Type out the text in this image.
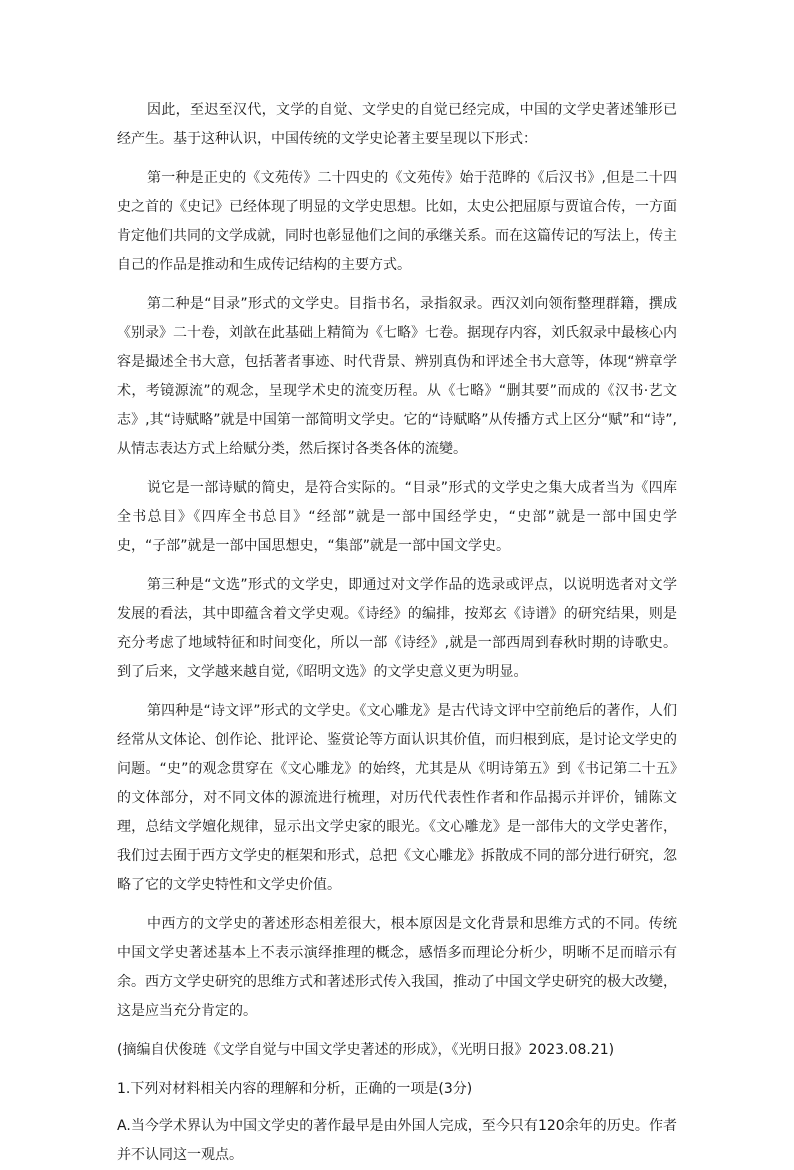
因此，至迟至汉代，文学的自觉、文学史的自觉已经完成，中国的文学史著述雏形已经产生。基于这种认识，中国传统的文学史论著主要呈现以下形式：

第一种是正史的《文苑传》二十四史的《文苑传》始于范晔的《后汉书》,但是二十四史之首的《史记》已经体现了明显的文学史思想。比如，太史公把屈原与贾谊合传，一方面肯定他们共同的文学成就，同时也彰显他们之间的承继关系。而在这篇传记的写法上，传主自己的作品是推动和生成传记结构的主要方式。

第二种是“目录”形式的文学史。目指书名，录指叙录。西汉刘向领衔整理群籍，撰成《别录》二十卷，刘歆在此基础上精简为《七略》七卷。据现存内容，刘氏叙录中最核心内容是撮述全书大意，包括著者事迹、时代背景、辨别真伪和评述全书大意等，体现“辨章学术，考镜源流”的观念，呈现学术史的流变历程。从《七略》“删其要”而成的《汉书·艺文志》,其“诗赋略”就是中国第一部简明文学史。它的“诗赋略”从传播方式上区分“赋”和“诗”,从情志表达方式上给赋分类，然后探讨各类各体的流變。

说它是一部诗赋的简史，是符合实际的。“目录”形式的文学史之集大成者当为《四库全书总目》《四库全书总目》“经部”就是一部中国经学史，“史部”就是一部中国史学史，“子部”就是一部中国思想史，“集部”就是一部中国文学史。

第三种是“文选”形式的文学史，即通过对文学作品的选录或评点，以说明选者对文学发展的看法，其中即蕴含着文学史观。《诗经》的编排，按郑玄《诗谱》的研究结果，则是充分考虑了地域特征和时间变化，所以一部《诗经》,就是一部西周到春秋时期的诗歌史。到了后来，文学越来越自觉,《昭明文选》的文学史意义更为明显。

第四种是“诗文评”形式的文学史。《文心雕龙》是古代诗文评中空前绝后的著作，人们经常从文体论、创作论、批评论、鉴赏论等方面认识其价值，而归根到底，是讨论文学史的问题。“史”的观念贯穿在《文心雕龙》的始终，尤其是从《明诗第五》到《书记第二十五》的文体部分，对不同文体的源流进行梳理，对历代代表性作者和作品揭示并评价，铺陈文理，总结文学嬗化规律，显示出文学史家的眼光。《文心雕龙》是一部伟大的文学史著作，我们过去囿于西方文学史的框架和形式，总把《文心雕龙》拆散成不同的部分进行研究，忽略了它的文学史特性和文学史价值。

中西方的文学史的著述形态相差很大，根本原因是文化背景和思维方式的不同。传统中国文学史著述基本上不表示演绎推理的概念，感悟多而理论分析少，明晰不足而暗示有余。西方文学史研究的思维方式和著述形式传入我国，推动了中国文学史研究的极大改變，这是应当充分肯定的。

(摘编自伏俊琏《文学自觉与中国文学史著述的形成》，《光明日报》2023.08.21)

1.下列对材料相关内容的理解和分析，正确的一项是(3分)

A.当今学术界认为中国文学史的著作最早是由外国人完成，至今只有120余年的历史。作者并不认同这一观点。
